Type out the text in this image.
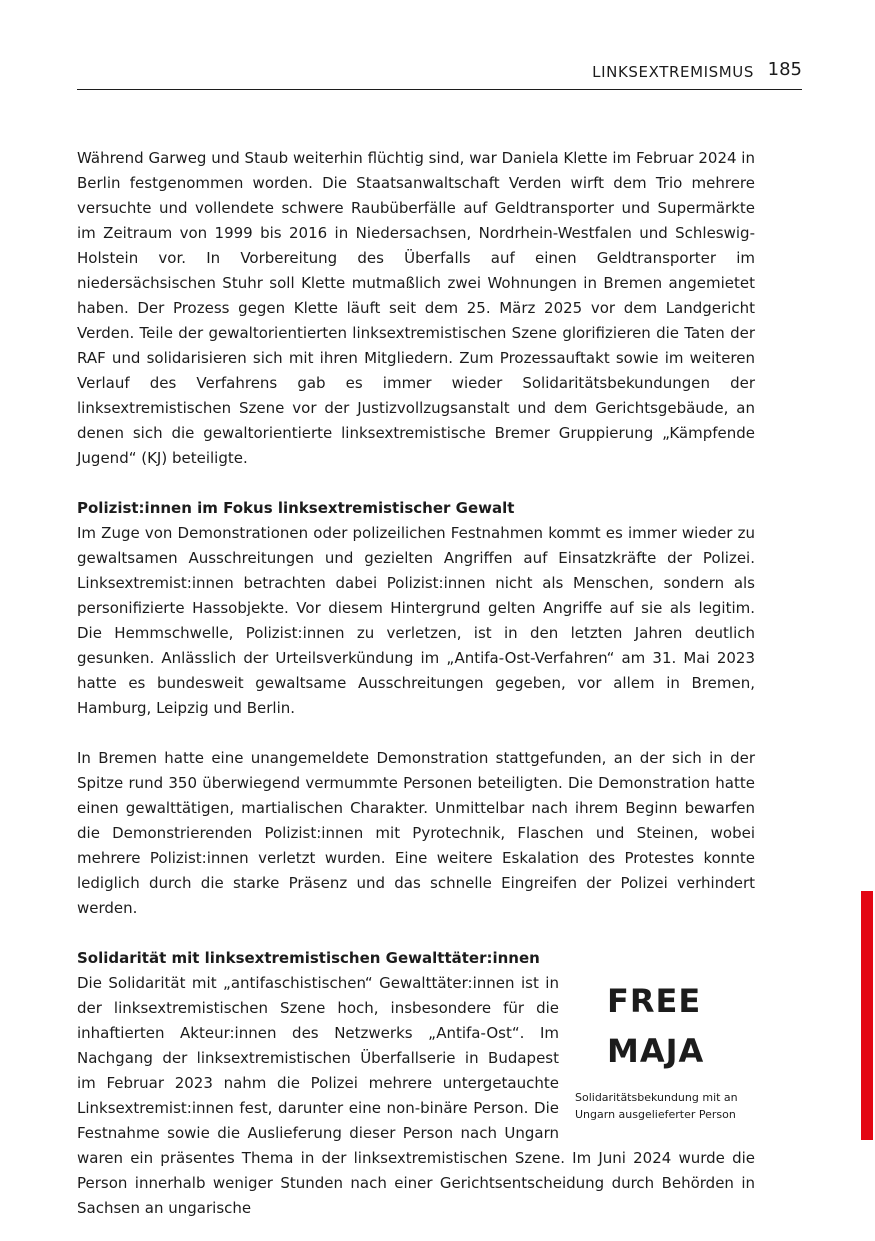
LINKSEXTREMISMUS 185

Während Garweg und Staub weiterhin flüchtig sind, war Daniela Klette im Februar 2024 in Berlin festgenommen worden. Die Staatsanwaltschaft Verden wirft dem Trio mehrere versuchte und vollendete schwere Raubüberfälle auf Geldtransporter und Supermärkte im Zeitraum von 1999 bis 2016 in Niedersachsen, Nordrhein-Westfalen und Schleswig-Holstein vor. In Vorbereitung des Überfalls auf einen Geldtransporter im niedersächsischen Stuhr soll Klette mutmaßlich zwei Wohnungen in Bremen angemietet haben. Der Prozess gegen Klette läuft seit dem 25. März 2025 vor dem Landgericht Verden. Teile der gewaltorientierten linksextremistischen Szene glorifizieren die Taten der RAF und solidarisieren sich mit ihren Mitgliedern. Zum Prozessauftakt sowie im weiteren Verlauf des Verfahrens gab es immer wieder Solidaritätsbekundungen der linksextremistischen Szene vor der Justizvollzugsanstalt und dem Gerichtsgebäude, an denen sich die gewaltorientierte linksextremistische Bremer Gruppierung „Kämpfende Jugend“ (KJ) beteiligte.

Polizist:innen im Fokus linksextremistischer Gewalt

Im Zuge von Demonstrationen oder polizeilichen Festnahmen kommt es immer wieder zu gewaltsamen Ausschreitungen und gezielten Angriffen auf Einsatzkräfte der Polizei. Linksextremist:innen betrachten dabei Polizist:innen nicht als Menschen, sondern als personifizierte Hassobjekte. Vor diesem Hintergrund gelten Angriffe auf sie als legitim. Die Hemmschwelle, Polizist:innen zu verletzen, ist in den letzten Jahren deutlich gesunken. Anlässlich der Urteilsverkündung im „Antifa-Ost-Verfahren“ am 31. Mai 2023 hatte es bundesweit gewaltsame Ausschreitungen gegeben, vor allem in Bremen, Hamburg, Leipzig und Berlin.

In Bremen hatte eine unangemeldete Demonstration stattgefunden, an der sich in der Spitze rund 350 überwiegend vermummte Personen beteiligten. Die Demonstration hatte einen gewalttätigen, martialischen Charakter. Unmittelbar nach ihrem Beginn bewarfen die Demonstrierenden Polizist:innen mit Pyrotechnik, Flaschen und Steinen, wobei mehrere Polizist:innen verletzt wurden. Eine weitere Eskalation des Protestes konnte lediglich durch die starke Präsenz und das schnelle Eingreifen der Polizei verhindert werden.

Solidarität mit linksextremistischen Gewalttäter:innen
FREE
MAJA
Solidaritätsbekundung mit an Ungarn ausgelieferter Person

Die Solidarität mit „antifaschistischen“ Gewalttäter:innen ist in der linksextremistischen Szene hoch, insbesondere für die inhaftierten Akteur:innen des Netzwerks „Antifa-Ost“. Im Nachgang der linksextremistischen Überfallserie in Budapest im Februar 2023 nahm die Polizei mehrere untergetauchte Linksextremist:innen fest, darunter eine non-binäre Person. Die Festnahme sowie die Auslieferung dieser Person nach Ungarn waren ein präsentes Thema in der linksextremistischen Szene. Im Juni 2024 wurde die Person innerhalb weniger Stunden nach einer Gerichtsentscheidung durch Behörden in Sachsen an ungarische
